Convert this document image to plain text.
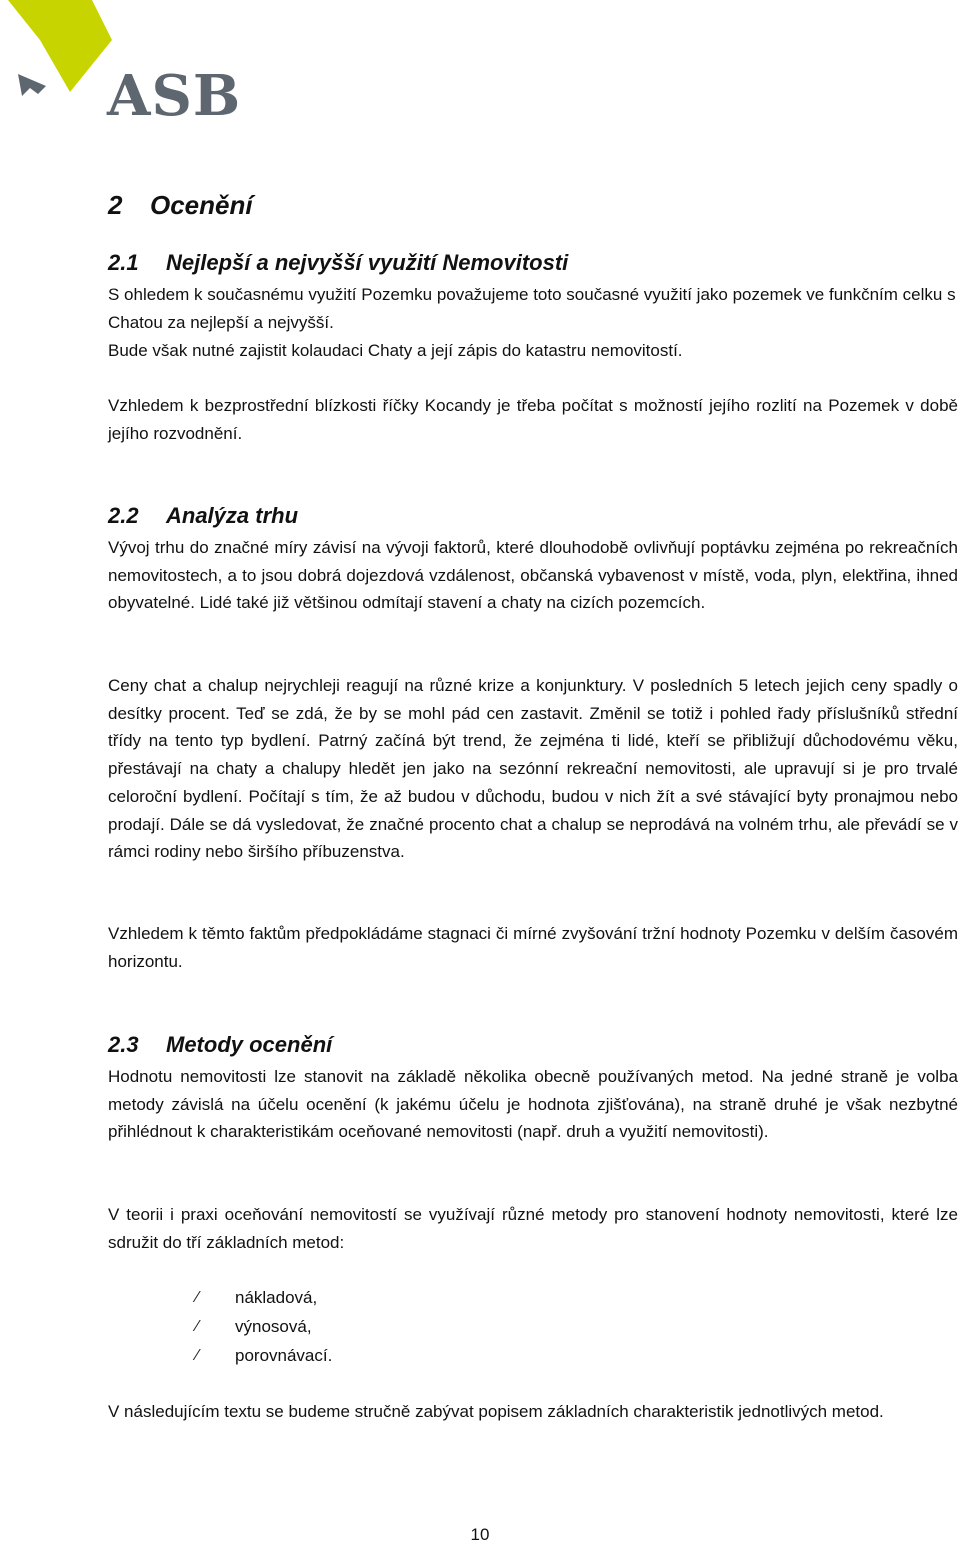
ASB
2 Ocenění
2.1 Nejlepší a nejvyšší využití Nemovitosti

S ohledem k současnému využití Pozemku považujeme toto současné využití jako pozemek ve funkčním celku s Chatou za nejlepší a nejvyšší.

Bude však nutné zajistit kolaudaci Chaty a její zápis do katastru nemovitostí.

Vzhledem k bezprostřední blízkosti říčky Kocandy je třeba počítat s možností jejího rozlití na Pozemek v době jejího rozvodnění.

2.2 Analýza trhu

Vývoj trhu do značné míry závisí na vývoji faktorů, které dlouhodobě ovlivňují poptávku zejména po rekreačních nemovitostech, a to jsou dobrá dojezdová vzdálenost, občanská vybavenost v místě, voda, plyn, elektřina, ihned obyvatelné. Lidé také již většinou odmítají stavení a chaty na cizích pozemcích.

Ceny chat a chalup nejrychleji reagují na různé krize a konjunktury. V posledních 5 letech jejich ceny spadly o desítky procent. Teď se zdá, že by se mohl pád cen zastavit. Změnil se totiž i pohled řady příslušníků střední třídy na tento typ bydlení. Patrný začíná být trend, že zejména ti lidé, kteří se přibližují důchodovému věku, přestávají na chaty a chalupy hledět jen jako na sezónní rekreační nemovitosti, ale upravují si je pro trvalé celoroční bydlení. Počítají s tím, že až budou v důchodu, budou v nich žít a své stávající byty pronajmou nebo prodají. Dále se dá vysledovat, že značné procento chat a chalup se neprodává na volném trhu, ale převádí se v rámci rodiny nebo širšího příbuzenstva.

Vzhledem k těmto faktům předpokládáme stagnaci či mírné zvyšování tržní hodnoty Pozemku v delším časovém horizontu.

2.3 Metody ocenění

Hodnotu nemovitosti lze stanovit na základě několika obecně používaných metod. Na jedné straně je volba metody závislá na účelu ocenění (k jakému účelu je hodnota zjišťována), na straně druhé je však nezbytné přihlédnout k charakteristikám oceňované nemovitosti (např. druh a využití nemovitosti).

V teorii i praxi oceňování nemovitostí se využívají různé metody pro stanovení hodnoty nemovitosti, které lze sdružit do tří základních metod:

∕	nákladová,
∕	výnosová,
∕	porovnávací.

V následujícím textu se budeme stručně zabývat popisem základních charakteristik jednotlivých metod.

10
